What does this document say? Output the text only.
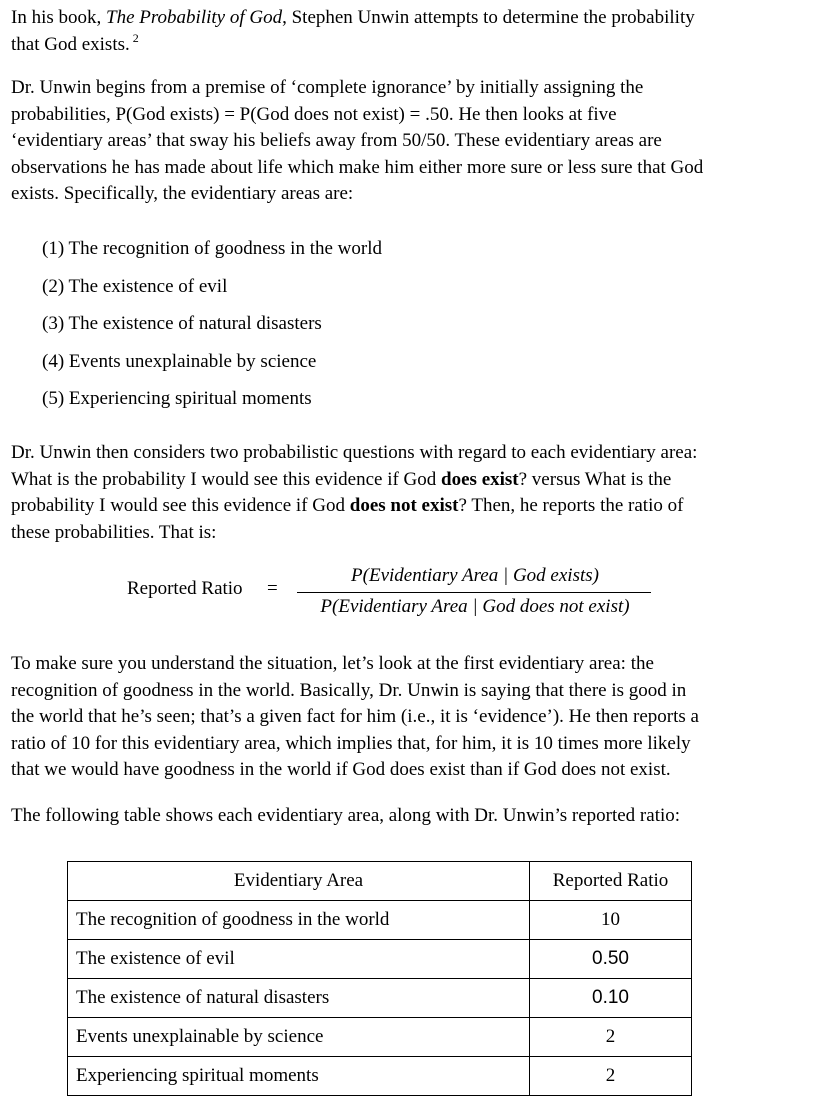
In his book, The Probability of God, Stephen Unwin attempts to determine the probability
that God exists. $^2$

Dr. Unwin begins from a premise of ‘complete ignorance’ by initially assigning the
probabilities, P(God exists) = P(God does not exist) = .50. He then looks at five
‘evidentiary areas’ that sway his beliefs away from 50/50. These evidentiary areas are
observations he has made about life which make him either more sure or less sure that God
exists. Specifically, the evidentiary areas are:

(1) The recognition of goodness in the world
(2) The existence of evil
(3) The existence of natural disasters
(4) Events unexplainable by science
(5) Experiencing spiritual moments

Dr. Unwin then considers two probabilistic questions with regard to each evidentiary area:
What is the probability I would see this evidence if God does exist? versus What is the
probability I would see this evidence if God does not exist? Then, he reports the ratio of
these probabilities. That is:

Reported Ratio =
P(Evidentiary Area | God exists)
P(Evidentiary Area | God does not exist)

To make sure you understand the situation, let’s look at the first evidentiary area: the
recognition of goodness in the world. Basically, Dr. Unwin is saying that there is good in
the world that he’s seen; that’s a given fact for him (i.e., it is ‘evidence’). He then reports a
ratio of 10 for this evidentiary area, which implies that, for him, it is 10 times more likely
that we would have goodness in the world if God does exist than if God does not exist.

The following table shows each evidentiary area, along with Dr. Unwin’s reported ratio:

Evidentiary Area	Reported Ratio
The recognition of goodness in the world	10
The existence of evil	0.50
The existence of natural disasters	0.10
Events unexplainable by science	2
Experiencing spiritual moments	2
